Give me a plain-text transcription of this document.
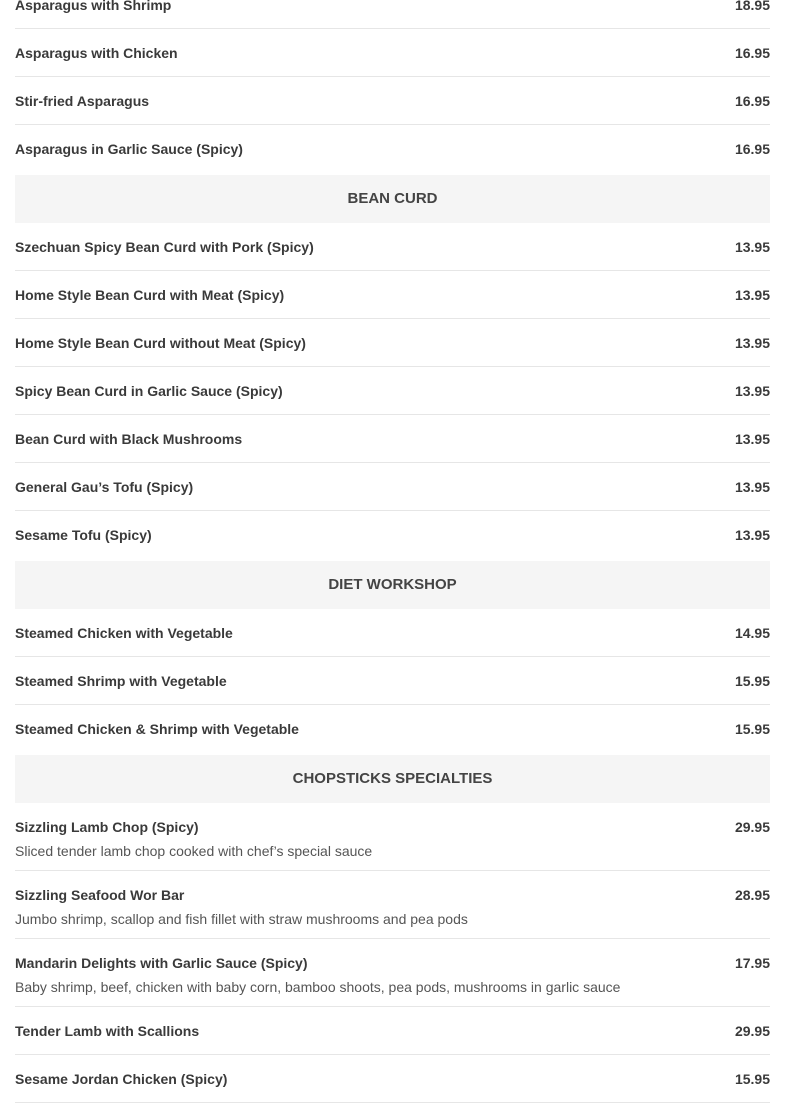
Asparagus with Shrimp	18.95
Asparagus with Chicken	16.95
Stir-fried Asparagus	16.95
Asparagus in Garlic Sauce (Spicy)	16.95
BEAN CURD
Szechuan Spicy Bean Curd with Pork (Spicy)	13.95
Home Style Bean Curd with Meat (Spicy)	13.95
Home Style Bean Curd without Meat (Spicy)	13.95
Spicy Bean Curd in Garlic Sauce (Spicy)	13.95
Bean Curd with Black Mushrooms	13.95
General Gau’s Tofu (Spicy)	13.95
Sesame Tofu (Spicy)	13.95
DIET WORKSHOP
Steamed Chicken with Vegetable	14.95
Steamed Shrimp with Vegetable	15.95
Steamed Chicken & Shrimp with Vegetable	15.95
CHOPSTICKS SPECIALTIES
Sizzling Lamb Chop (Spicy)	29.95
Sliced tender lamb chop cooked with chef’s special sauce
Sizzling Seafood Wor Bar	28.95
Jumbo shrimp, scallop and fish fillet with straw mushrooms and pea pods
Mandarin Delights with Garlic Sauce (Spicy)	17.95
Baby shrimp, beef, chicken with baby corn, bamboo shoots, pea pods, mushrooms in garlic sauce
Tender Lamb with Scallions	29.95
Sesame Jordan Chicken (Spicy)	15.95
